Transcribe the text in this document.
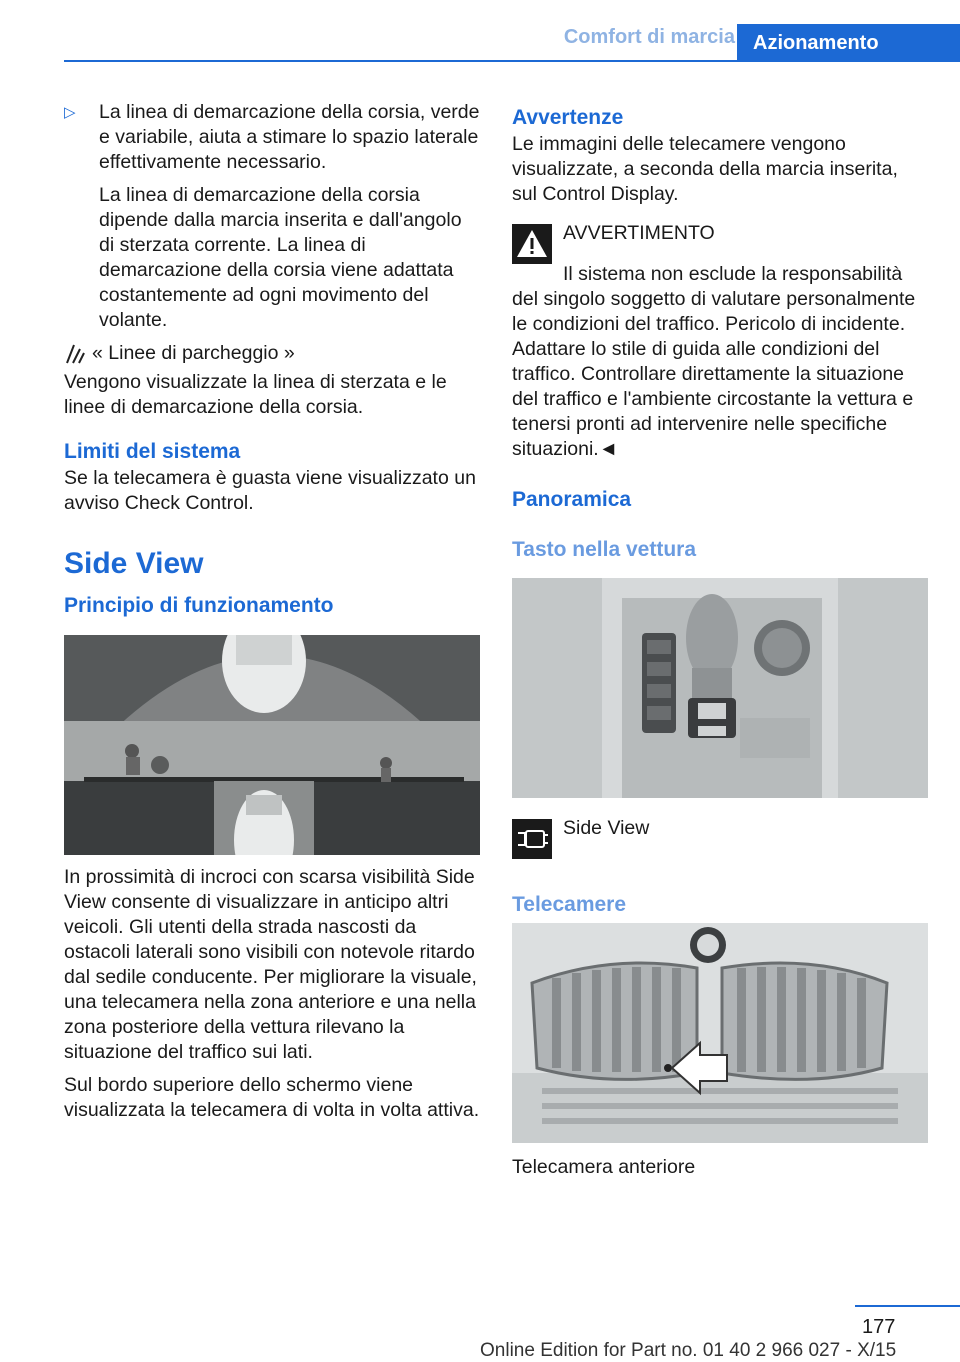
Comfort di marcia Azionamento
▷	La linea di demarcazione della corsia, verde e variabile, aiuta a stimare lo spazio laterale effettivamente necessario.

La linea di demarcazione della corsia dipende dalla marcia inserita e dall'angolo di sterzata corrente. La linea di demarcazione della corsia viene adattata costantemente ad ogni movimento del volante.

« Linee di parcheggio »

Vengono visualizzate la linea di sterzata e le linee di demarcazione della corsia.

Limiti del sistema

Se la telecamera è guasta viene visualizzato un avviso Check Control.

Side View

Principio di funzionamento

In prossimità di incroci con scarsa visibilità Side View consente di visualizzare in anticipo altri veicoli. Gli utenti della strada nascosti da ostacoli laterali sono visibili con notevole ritardo dal sedile conducente. Per migliorare la visuale, una telecamera nella zona anteriore e una nella zona posteriore della vettura rilevano la situazione del traffico sui lati.

Sul bordo superiore dello schermo viene visualizzata la telecamera di volta in volta attiva.

Avvertenze

Le immagini delle telecamere vengono visualizzate, a seconda della marcia inserita, sul Control Display.

AVVERTIMENTO

Il sistema non esclude la responsabilità del singolo soggetto di valutare personalmente le condizioni del traffico. Pericolo di incidente. Adattare lo stile di guida alle condizioni del traffico. Controllare direttamente la situazione del traffico e l'ambiente circostante la vettura e tenersi pronti ad intervenire nelle specifiche situazioni.◄

Panoramica

Tasto nella vettura

Side View

Telecamere

Telecamera anteriore

177
Online Edition for Part no. 01 40 2 966 027 - X/15
